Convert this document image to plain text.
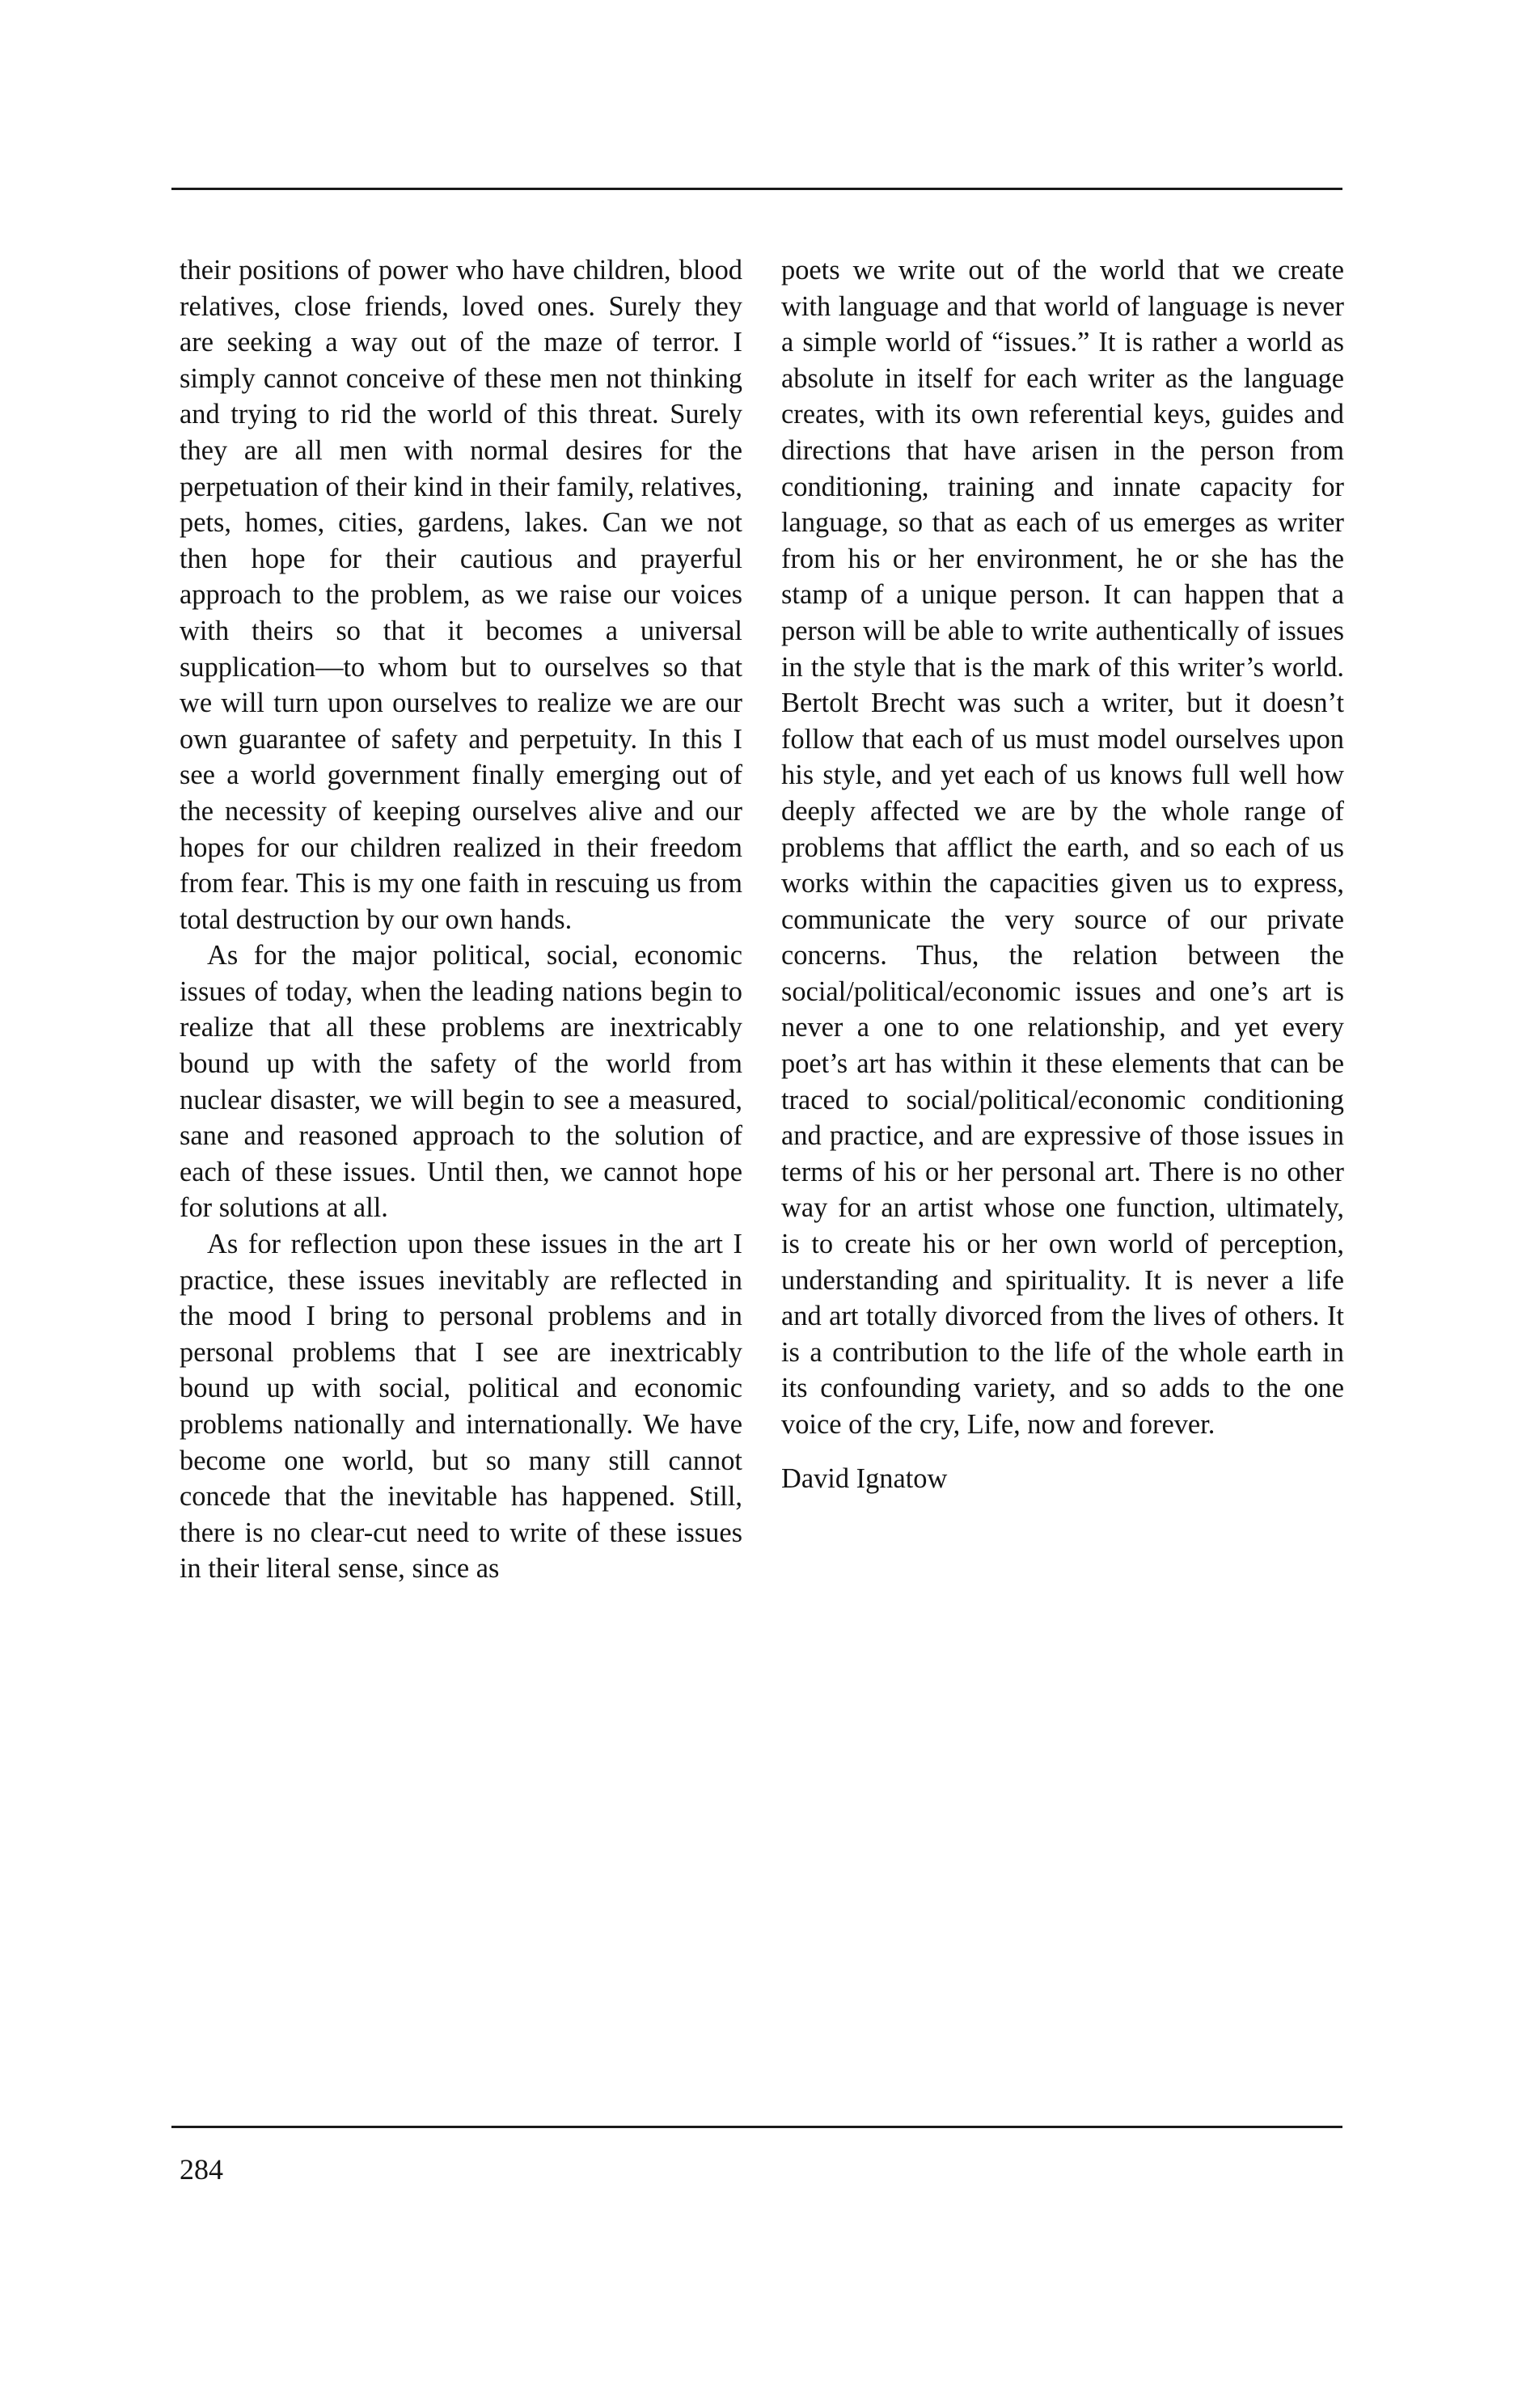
their positions of power who have children, blood relatives, close friends, loved ones. Surely they are seeking a way out of the maze of terror. I simply cannot conceive of these men not thinking and trying to rid the world of this threat. Surely they are all men with normal desires for the perpetuation of their kind in their family, relatives, pets, homes, cities, gardens, lakes. Can we not then hope for their cautious and prayerful approach to the problem, as we raise our voices with theirs so that it becomes a universal supplication—to whom but to ourselves so that we will turn upon ourselves to realize we are our own guarantee of safety and perpetuity. In this I see a world government finally emerging out of the necessity of keeping ourselves alive and our hopes for our children realized in their freedom from fear. This is my one faith in rescuing us from total destruction by our own hands.

As for the major political, social, economic issues of today, when the leading nations begin to realize that all these problems are inextricably bound up with the safety of the world from nuclear disaster, we will begin to see a measured, sane and reasoned approach to the solution of each of these issues. Until then, we cannot hope for solutions at all.

As for reflection upon these issues in the art I practice, these issues inevitably are reflected in the mood I bring to personal problems and in personal problems that I see are inextricably bound up with social, political and economic problems nationally and internationally. We have become one world, but so many still cannot concede that the inevitable has happened. Still, there is no clear-cut need to write of these issues in their literal sense, since as

poets we write out of the world that we create with language and that world of language is never a simple world of “issues.” It is rather a world as absolute in itself for each writer as the language creates, with its own referential keys, guides and directions that have arisen in the person from conditioning, training and innate capacity for language, so that as each of us emerges as writer from his or her environment, he or she has the stamp of a unique person. It can happen that a person will be able to write authentically of issues in the style that is the mark of this writer’s world. Bertolt Brecht was such a writer, but it doesn’t follow that each of us must model ourselves upon his style, and yet each of us knows full well how deeply affected we are by the whole range of problems that afflict the earth, and so each of us works within the capacities given us to express, communicate the very source of our private concerns. Thus, the relation between the social/political/economic issues and one’s art is never a one to one relationship, and yet every poet’s art has within it these elements that can be traced to social/political/economic conditioning and practice, and are expressive of those issues in terms of his or her personal art. There is no other way for an artist whose one function, ultimately, is to create his or her own world of perception, understanding and spirituality. It is never a life and art totally divorced from the lives of others. It is a contribution to the life of the whole earth in its confounding variety, and so adds to the one voice of the cry, Life, now and forever.

David Ignatow

284
